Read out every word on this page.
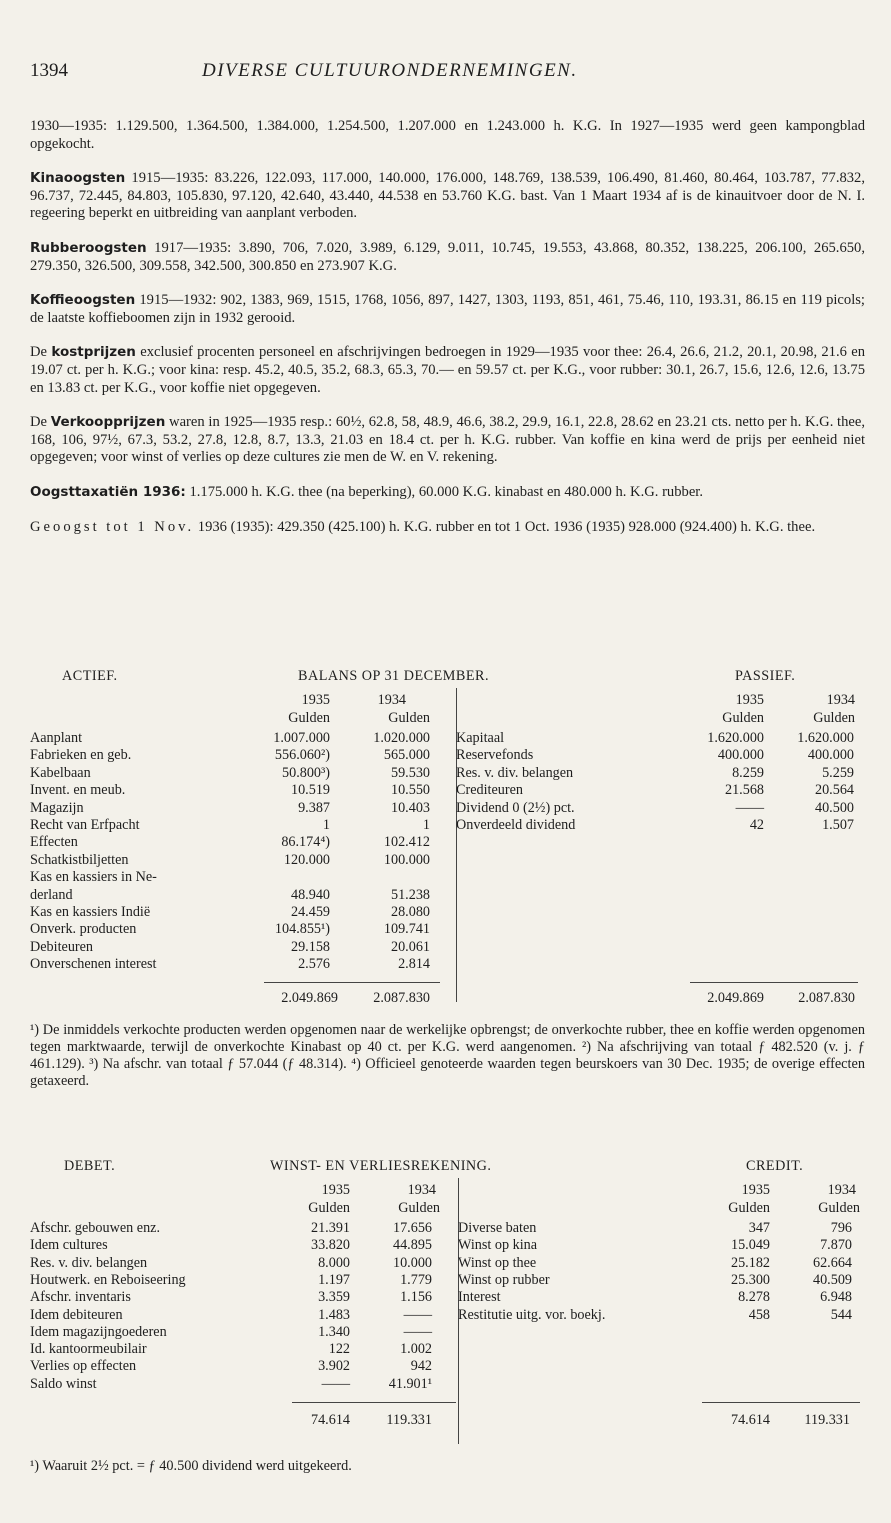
1394	DIVERSE CULTUURONDERNEMINGEN.

1930—1935: 1.129.500, 1.364.500, 1.384.000, 1.254.500, 1.207.000 en 1.243.000 h. K.G. In 1927—1935 werd geen kampongblad opgekocht.

Kinaoogsten 1915—1935: 83.226, 122.093, 117.000, 140.000, 176.000, 148.769, 138.539, 106.490, 81.460, 80.464, 103.787, 77.832, 96.737, 72.445, 84.803, 105.830, 97.120, 42.640, 43.440, 44.538 en 53.760 K.G. bast. Van 1 Maart 1934 af is de kinauitvoer door de N. I. regeering beperkt en uitbreiding van aanplant verboden.

Rubberoogsten 1917—1935: 3.890, 706, 7.020, 3.989, 6.129, 9.011, 10.745, 19.553, 43.868, 80.352, 138.225, 206.100, 265.650, 279.350, 326.500, 309.558, 342.500, 300.850 en 273.907 K.G.

Koffieoogsten 1915—1932: 902, 1383, 969, 1515, 1768, 1056, 897, 1427, 1303, 1193, 851, 461, 75.46, 110, 193.31, 86.15 en 119 picols; de laatste koffieboomen zijn in 1932 gerooid.

De kostprijzen exclusief procenten personeel en afschrijvingen bedroegen in 1929—1935 voor thee: 26.4, 26.6, 21.2, 20.1, 20.98, 21.6 en 19.07 ct. per h. K.G.; voor kina: resp. 45.2, 40.5, 35.2, 68.3, 65.3, 70.— en 59.57 ct. per K.G., voor rubber: 30.1, 26.7, 15.6, 12.6, 12.6, 13.75 en 13.83 ct. per K.G., voor koffie niet opgegeven.

De Verkoopprijzen waren in 1925—1935 resp.: 60½, 62.8, 58, 48.9, 46.6, 38.2, 29.9, 16.1, 22.8, 28.62 en 23.21 cts. netto per h. K.G. thee, 168, 106, 97½, 67.3, 53.2, 27.8, 12.8, 8.7, 13.3, 21.03 en 18.4 ct. per h. K.G. rubber. Van koffie en kina werd de prijs per eenheid niet opgegeven; voor winst of verlies op deze cultures zie men de W. en V. rekening.

Oogsttaxatiën 1936: 1.175.000 h. K.G. thee (na beperking), 60.000 K.G. kinabast en 480.000 h. K.G. rubber.

Geoogst tot 1 Nov. 1936 (1935): 429.350 (425.100) h. K.G. rubber en tot 1 Oct. 1936 (1935) 928.000 (924.400) h. K.G. thee.

ACTIEF.	BALANS OP 31 DECEMBER.	PASSIEF.
1935	1934
Gulden	Gulden
1935	1934
Gulden	Gulden
Aanplant	1.007.000	1.020.000
Fabrieken en geb.	556.060²)	565.000
Kabelbaan	50.800³)	59.530
Invent. en meub.	10.519	10.550
Magazijn	9.387	10.403
Recht van Erfpacht	1	1
Effecten	86.174⁴)	102.412
Schatkistbiljetten	120.000	100.000
Kas en kassiers in Ne-
derland	48.940	51.238
Kas en kassiers Indië	24.459	28.080
Onverk. producten	104.855¹)	109.741
Debiteuren	29.158	20.061
Onverschenen interest	2.576	2.814
Kapitaal	1.620.000	1.620.000
Reservefonds	400.000	400.000
Res. v. div. belangen	8.259	5.259
Crediteuren	21.568	20.564
Dividend 0 (2½) pct.	——	40.500
Onverdeeld dividend	42	1.507
2.049.869	2.087.830	2.049.869	2.087.830
¹) De inmiddels verkochte producten werden opgenomen naar de werkelijke opbrengst; de onverkochte rubber, thee en koffie werden opgenomen tegen marktwaarde, terwijl de onverkochte Kinabast op 40 ct. per K.G. werd aangenomen. ²) Na afschrijving van totaal ƒ 482.520 (v. j. ƒ 461.129). ³) Na afschr. van totaal ƒ 57.044 (ƒ 48.314). ⁴) Officieel genoteerde waarden tegen beurskoers van 30 Dec. 1935; de overige effecten getaxeerd.
DEBET.	WINST- EN VERLIESREKENING.	CREDIT.
1935	1934
Gulden	Gulden
1935	1934
Gulden	Gulden
Afschr. gebouwen enz.	21.391	17.656
Idem cultures	33.820	44.895
Res. v. div. belangen	8.000	10.000
Houtwerk. en Reboiseering	1.197	1.779
Afschr. inventaris	3.359	1.156
Idem debiteuren	1.483	——
Idem magazijngoederen	1.340	——
Id. kantoormeubilair	122	1.002
Verlies op effecten	3.902	942
Saldo winst	——	41.901¹
Diverse baten	347	796
Winst op kina	15.049	7.870
Winst op thee	25.182	62.664
Winst op rubber	25.300	40.509
Interest	8.278	6.948
Restitutie uitg. vor. boekj.	458	544
74.614	119.331	74.614	119.331
¹) Waaruit 2½ pct. = ƒ 40.500 dividend werd uitgekeerd.
